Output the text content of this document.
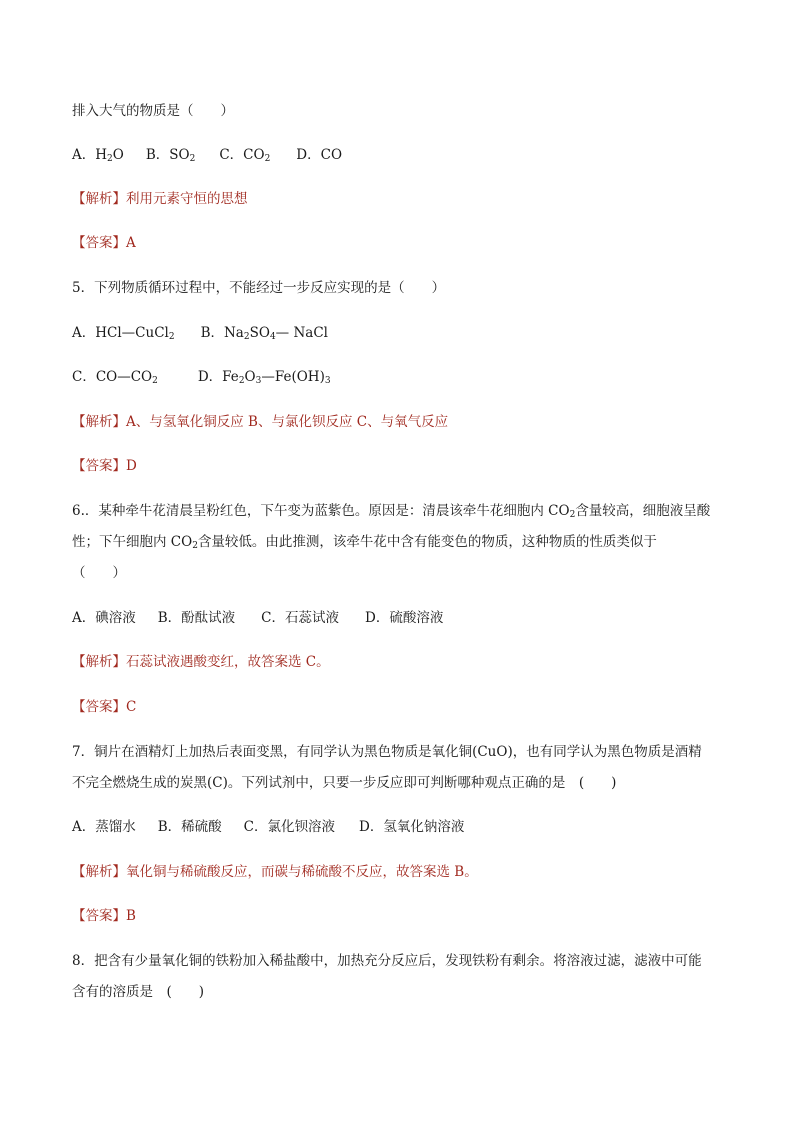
排入大气的物质是（　　）
A．$H_2O$ B．$SO_2$ C．$CO_2$ D．CO
【解析】利用元素守恒的思想
【答案】A
5．下列物质循环过程中，不能经过一步反应实现的是（　　）
A．HCl—CuCl$_2$ B．$Na_2SO_4—$ NaCl
C．$CO—CO_2$	D．$Fe_2O_3—Fe(OH)_3$
【解析】A、与氢氧化铜反应 B、与氯化钡反应 C、与氧气反应
【答案】D
6.．某种牵牛花清晨呈粉红色，下午变为蓝紫色。原因是：清晨该牵牛花细胞内 $CO_2$含量较高，细胞液呈酸
性；下午细胞内 $CO_2$含量较低。由此推测，该牵牛花中含有能变色的物质，这种物质的性质类似于
（　　）
A．碘溶液 B．酚酞试液 C．石蕊试液 D．硫酸溶液
【解析】石蕊试液遇酸变红，故答案选 C。
【答案】C
7．铜片在酒精灯上加热后表面变黑，有同学认为黑色物质是氧化铜(CuO)，也有同学认为黑色物质是酒精
不完全燃烧生成的炭黑(C)。下列试剂中，只要一步反应即可判断哪种观点正确的是　(　　)
A．蒸馏水 B．稀硫酸 C．氯化钡溶液 D．氢氧化钠溶液
【解析】氧化铜与稀硫酸反应，而碳与稀硫酸不反应，故答案选 B。
【答案】B
8．把含有少量氧化铜的铁粉加入稀盐酸中，加热充分反应后，发现铁粉有剩余。将溶液过滤，滤液中可能
含有的溶质是　(　　)
